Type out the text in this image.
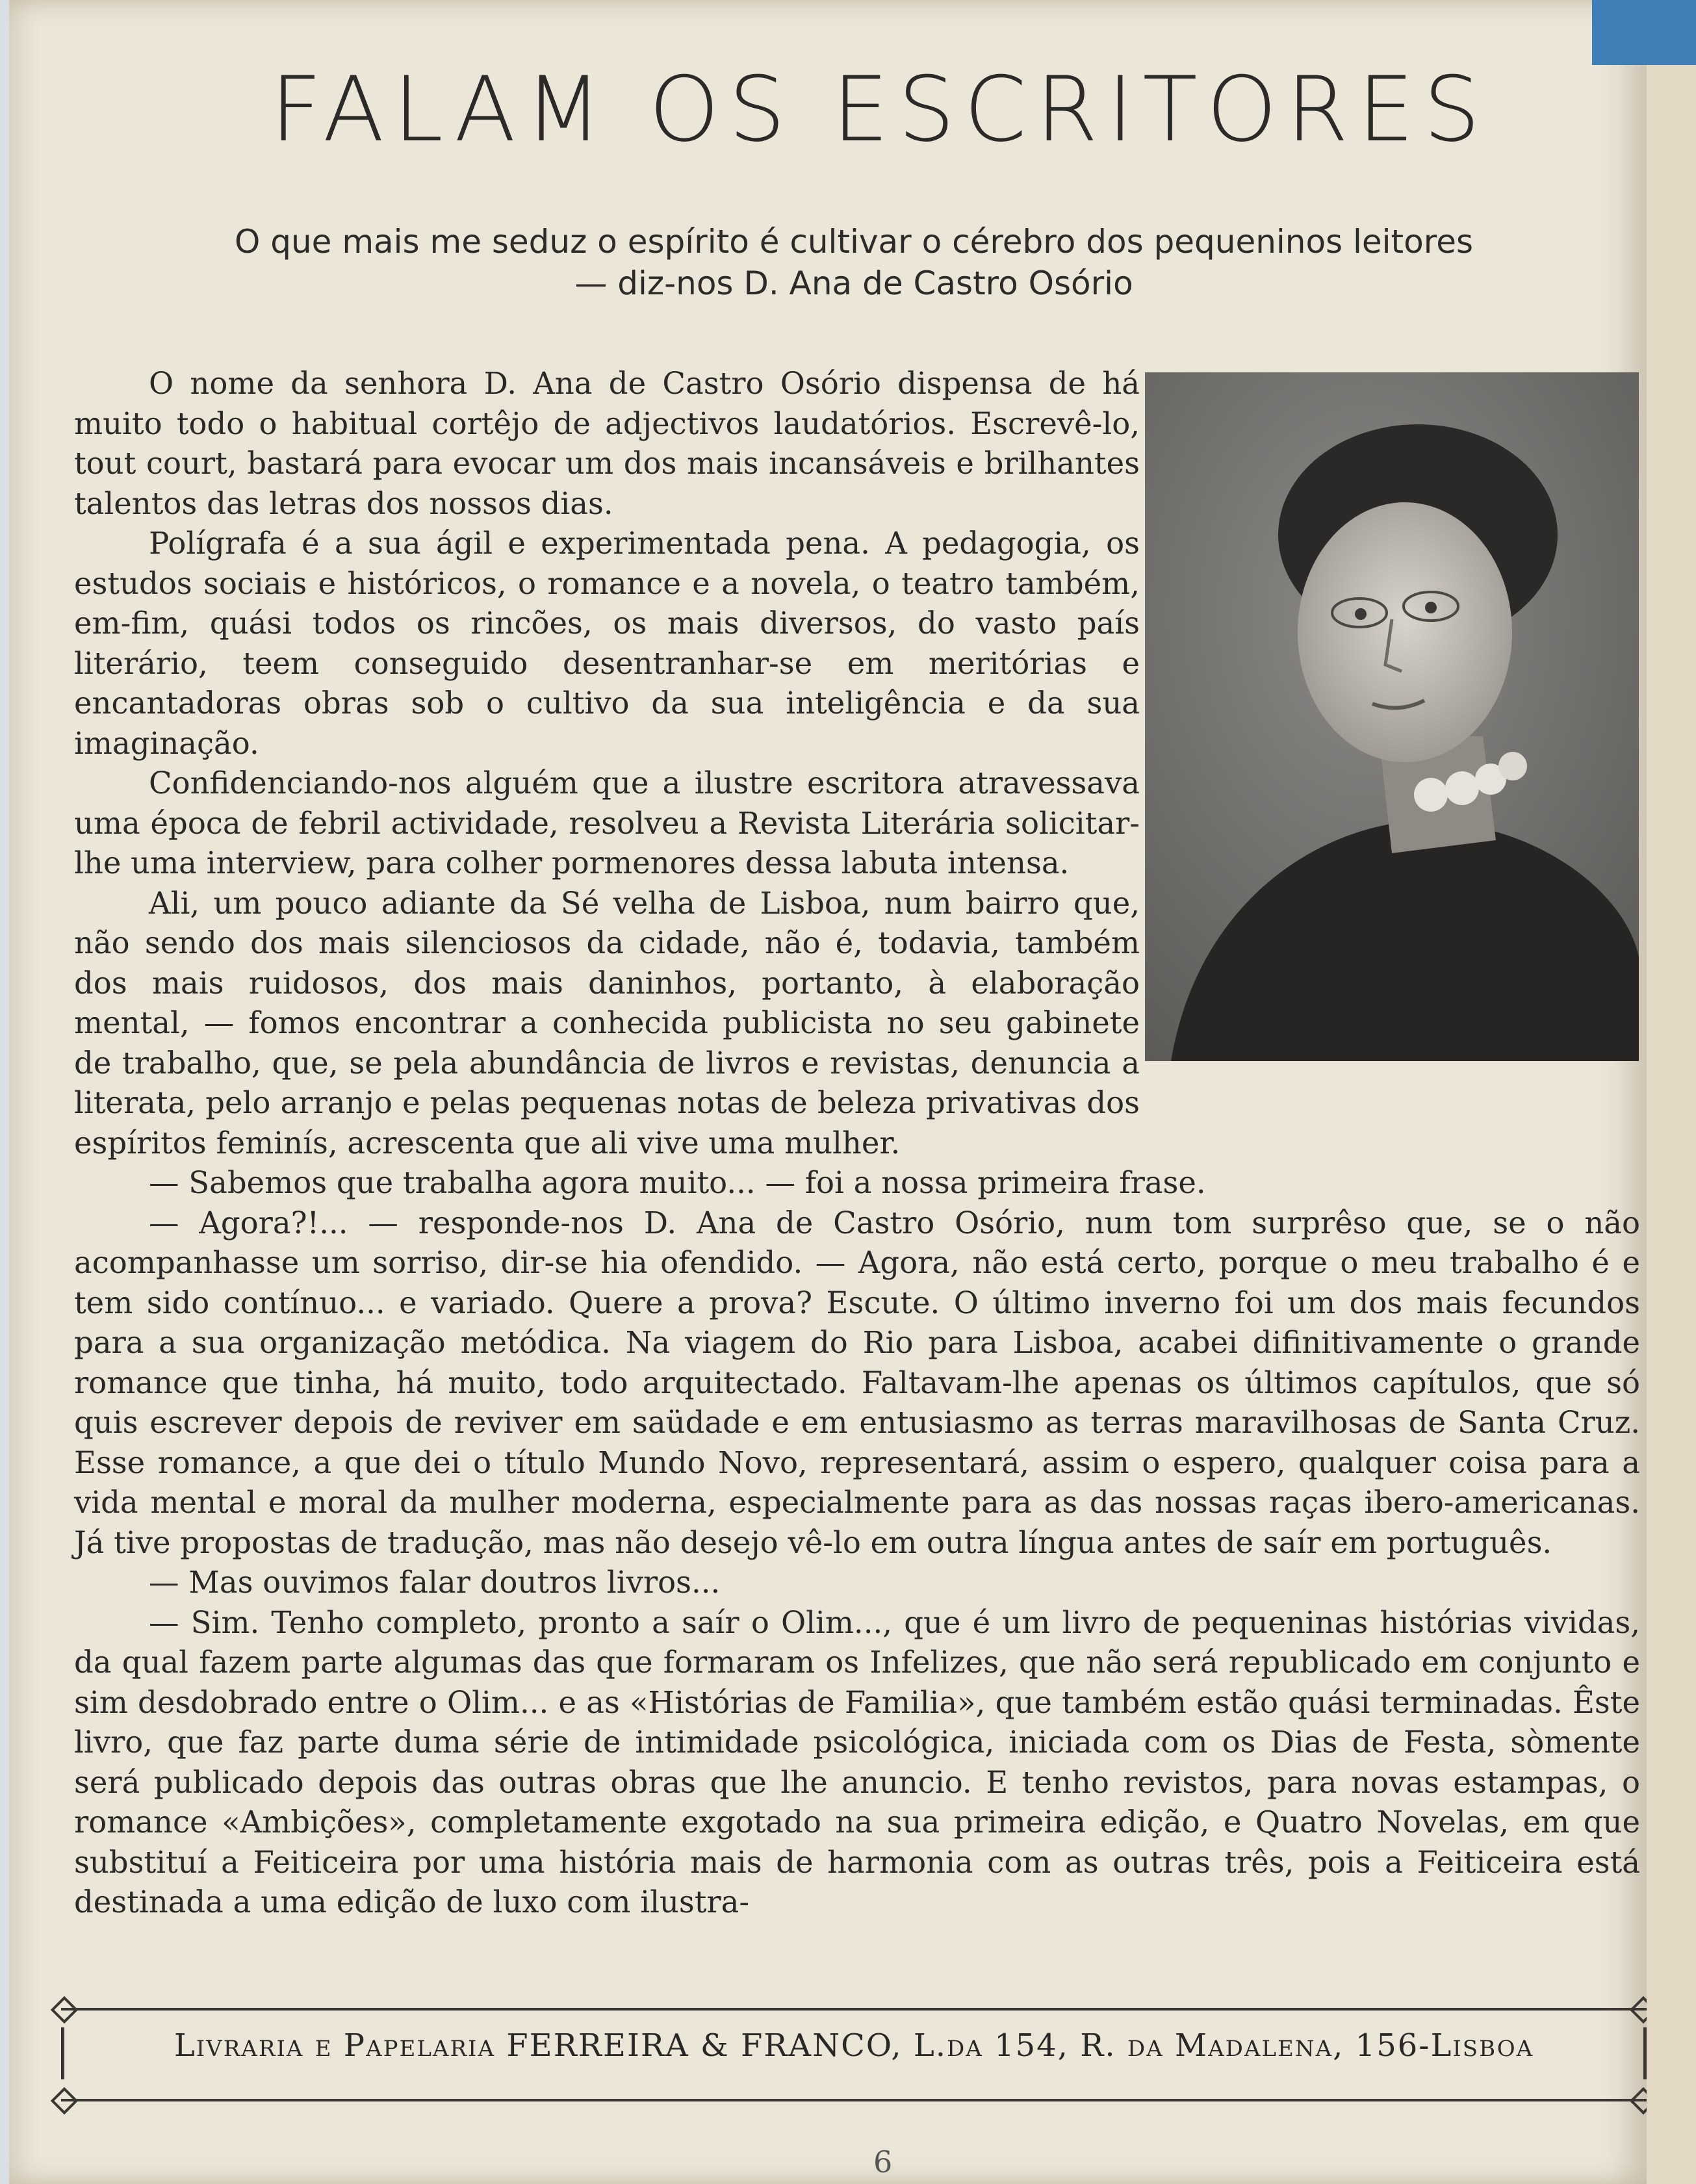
FALAM OS ESCRITORES
O que mais me seduz o espírito é cultivar o cérebro dos pequeninos leitores
— diz-nos D. Ana de Castro Osório

O nome da senhora D. Ana de Castro Osório dispensa de há muito todo o habitual cortêjo de adjectivos laudatórios. Escrevê-lo, tout court, bastará para evocar um dos mais incansáveis e brilhantes talentos das letras dos nossos dias.

Polígrafa é a sua ágil e experimentada pena. A pedagogia, os estudos sociais e históricos, o romance e a novela, o teatro também, em-fim, quási todos os rincões, os mais diversos, do vasto país literário, teem conseguido desentranhar-se em meritórias e encantadoras obras sob o cultivo da sua inteligência e da sua imaginação.

Confidenciando-nos alguém que a ilustre escritora atravessava uma época de febril actividade, resolveu a Revista Literária solicitar-lhe uma interview, para colher pormenores dessa labuta intensa.

Ali, um pouco adiante da Sé velha de Lisboa, num bairro que, não sendo dos mais silenciosos da cidade, não é, todavia, também dos mais ruidosos, dos mais daninhos, portanto, à elaboração mental, — fomos encontrar a conhecida publicista no seu gabinete de trabalho, que, se pela abundância de livros e revistas, denuncia a literata, pelo arranjo e pelas pequenas notas de beleza privativas dos espíritos feminís, acrescenta que ali vive uma mulher.

— Sabemos que trabalha agora muito... — foi a nossa primeira frase.

— Agora?!... — responde-nos D. Ana de Castro Osório, num tom surprêso que, se o não acompanhasse um sorriso, dir-se hia ofendido. — Agora, não está certo, porque o meu trabalho é e tem sido contínuo... e variado. Quere a prova? Escute. O último inverno foi um dos mais fecundos para a sua organização metódica. Na viagem do Rio para Lisboa, acabei difinitivamente o grande romance que tinha, há muito, todo arquitectado. Faltavam-lhe apenas os últimos capítulos, que só quis escrever depois de reviver em saüdade e em entusiasmo as terras maravilhosas de Santa Cruz. Esse romance, a que dei o título Mundo Novo, representará, assim o espero, qualquer coisa para a vida mental e moral da mulher moderna, especialmente para as das nossas raças ibero-americanas. Já tive propostas de tradução, mas não desejo vê-lo em outra língua antes de saír em português.

— Mas ouvimos falar doutros livros...

— Sim. Tenho completo, pronto a saír o Olim..., que é um livro de pequeninas histórias vividas, da qual fazem parte algumas das que formaram os Infelizes, que não será republicado em conjunto e sim desdobrado entre o Olim... e as «Histórias de Familia», que também estão quási terminadas. Êste livro, que faz parte duma série de intimidade psicológica, iniciada com os Dias de Festa, sòmente será publicado depois das outras obras que lhe anuncio. E tenho revistos, para novas estampas, o romance «Ambições», completamente exgotado na sua primeira edição, e Quatro Novelas, em que substituí a Feiticeira por uma história mais de harmonia com as outras três, pois a Feiticeira está destinada a uma edição de luxo com ilustra-

Livraria e Papelaria FERREIRA & FRANCO, L.da 154, R. da Madalena, 156-Lisboa
6
